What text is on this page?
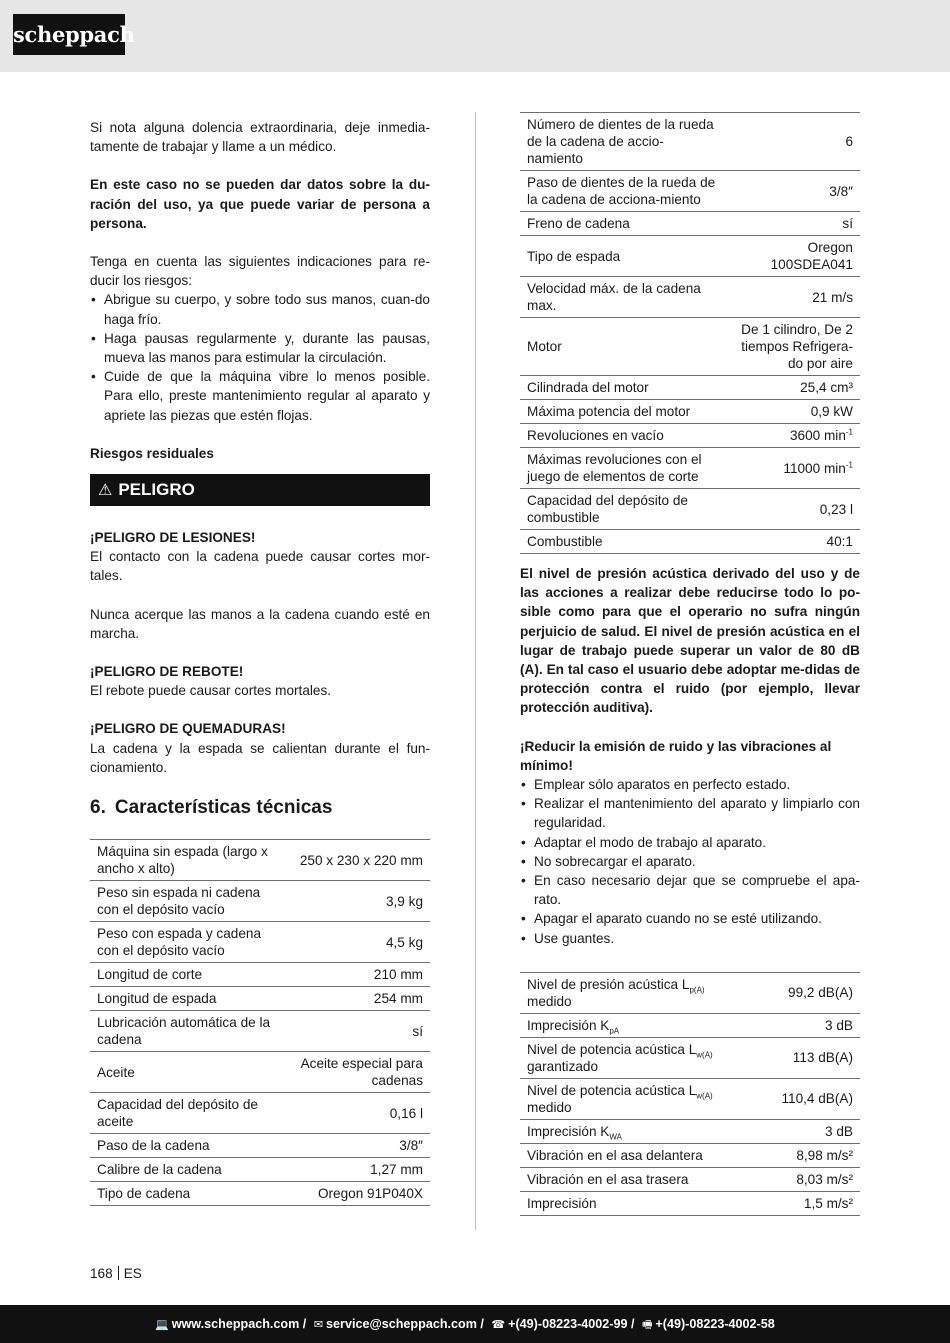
scheppach

Si nota alguna dolencia extraordinaria, deje inmedia-tamente de trabajar y llame a un médico.

En este caso no se pueden dar datos sobre la du-ración del uso, ya que puede variar de persona a persona.

Tenga en cuenta las siguientes indicaciones para re-ducir los riesgos:

• Abrigue su cuerpo, y sobre todo sus manos, cuan-do haga frío.
• Haga pausas regularmente y, durante las pausas, mueva las manos para estimular la circulación.
• Cuide de que la máquina vibre lo menos posible. Para ello, preste mantenimiento regular al aparato y apriete las piezas que estén flojas.

Riesgos residuales

⚠ PELIGRO

¡PELIGRO DE LESIONES!

El contacto con la cadena puede causar cortes mor-tales.

Nunca acerque las manos a la cadena cuando esté en marcha.

¡PELIGRO DE REBOTE!

El rebote puede causar cortes mortales.

¡PELIGRO DE QUEMADURAS!

La cadena y la espada se calientan durante el fun-cionamiento.

6. Características técnicas
Máquina sin espada (largo x ancho x alto)	250 x 230 x 220 mm
Peso sin espada ni cadena con el depósito vacío	3,9 kg
Peso con espada y cadena con el depósito vacío	4,5 kg
Longitud de corte	210 mm
Longitud de espada	254 mm
Lubricación automática de la cadena	sí
Aceite	Aceite especial para cadenas
Capacidad del depósito de aceite	0,16 l
Paso de la cadena	3/8″
Calibre de la cadena	1,27 mm
Tipo de cadena	Oregon 91P040X
Número de dientes de la rueda de la cadena de accio-namiento	6
Paso de dientes de la rueda de la cadena de acciona-miento	3/8″
Freno de cadena	sí
Tipo de espada	Oregon 100SDEA041
Velocidad máx. de la cadena max.	21 m/s
Motor	De 1 cilindro, De 2 tiempos Refrigera-do por aire
Cilindrada del motor	25,4 cm³
Máxima potencia del motor	0,9 kW
Revoluciones en vacío	3600 $\min^{-1}$
Máximas revoluciones con el juego de elementos de corte	11000 $\min^{-1}$
Capacidad del depósito de combustible	0,23 l
Combustible	40:1

El nivel de presión acústica derivado del uso y de las acciones a realizar debe reducirse todo lo po-sible como para que el operario no sufra ningún perjuicio de salud. El nivel de presión acústica en el lugar de trabajo puede superar un valor de 80 dB (A). En tal caso el usuario debe adoptar me-didas de protección contra el ruido (por ejemplo, llevar protección auditiva).

¡Reducir la emisión de ruido y las vibraciones al mínimo!

• Emplear sólo aparatos en perfecto estado.
• Realizar el mantenimiento del aparato y limpiarlo con regularidad.
• Adaptar el modo de trabajo al aparato.
• No sobrecargar el aparato.
• En caso necesario dejar que se compruebe el apa-rato.
• Apagar el aparato cuando no se esté utilizando.
• Use guantes.
Nivel de presión acústica $L_{p(A)}$ medido	99,2 dB(A)
Imprecisión $K_{pA}$	3 dB
Nivel de potencia acústica $L_{w(A)}$ garantizado	113 dB(A)
Nivel de potencia acústica $L_{w(A)}$ medido	110,4 dB(A)
Imprecisión $K_{WA}$	3 dB
Vibración en el asa delantera	8,98 m/s²
Vibración en el asa trasera	8,03 m/s²
Imprecisión	1,5 m/s²
168 ES
💻 www.scheppach.com / ✉ service@scheppach.com / ☎ +(49)-08223-4002-99 / 🖷 +(49)-08223-4002-58
